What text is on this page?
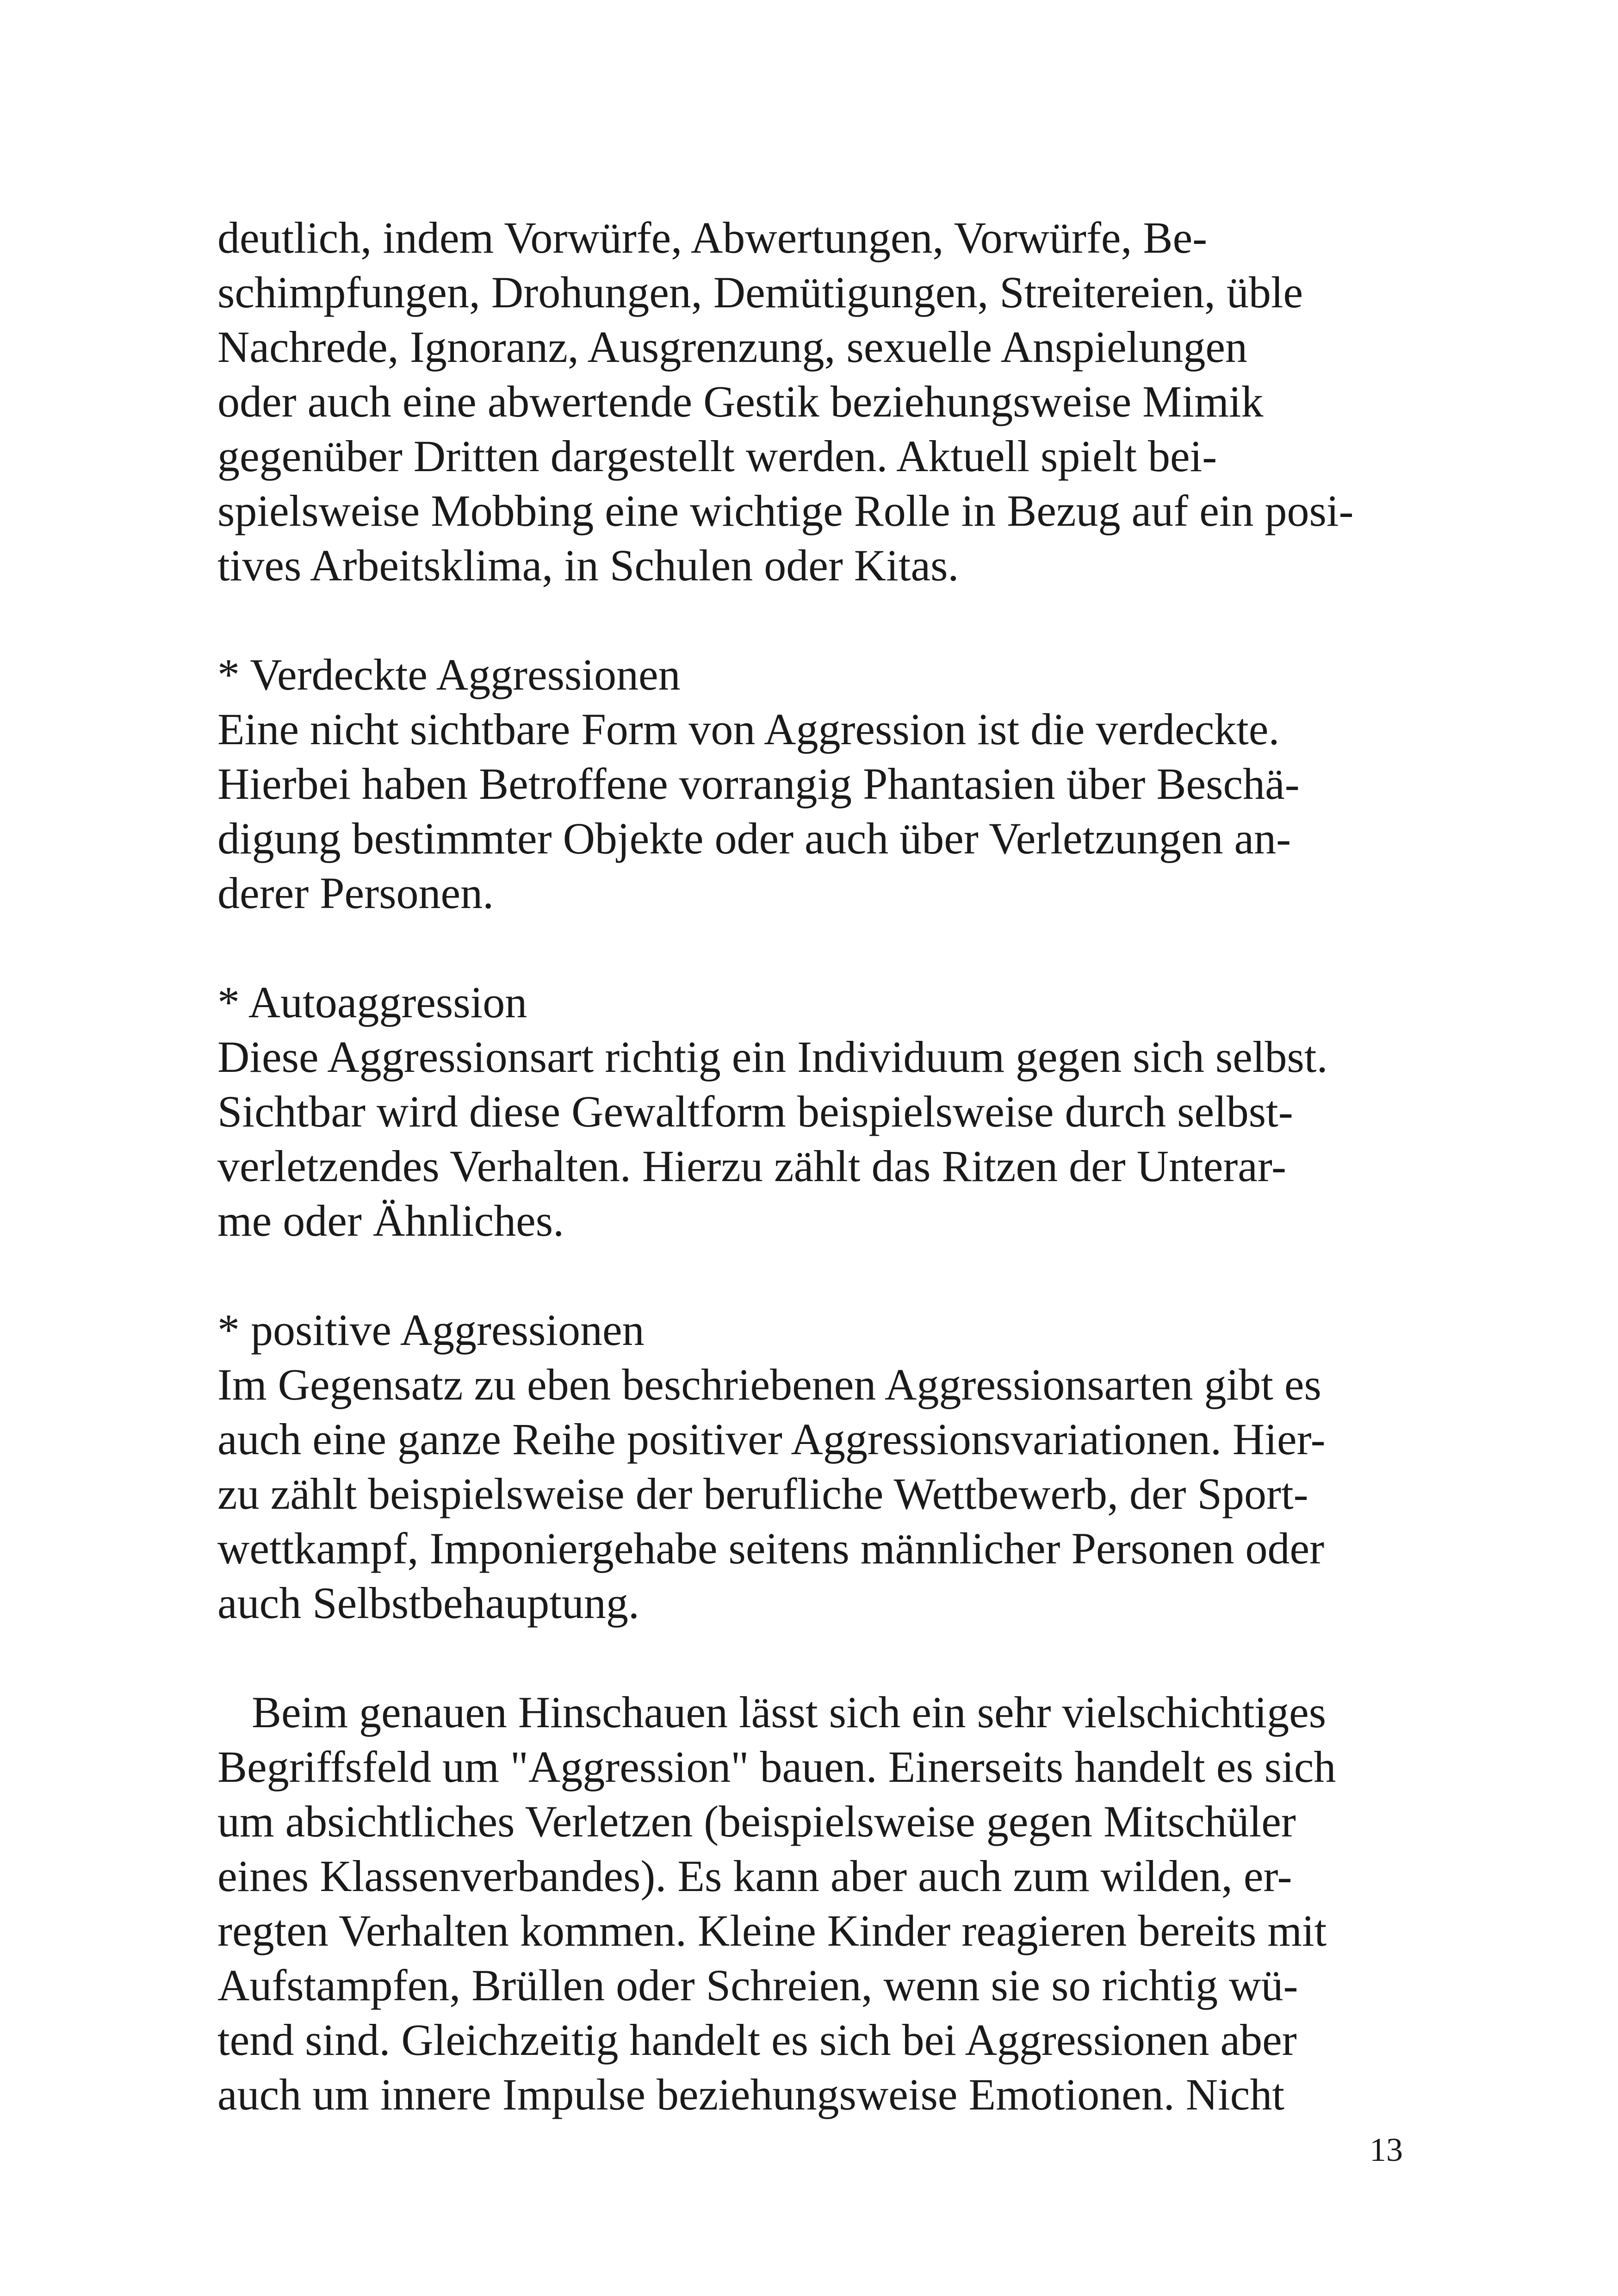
deutlich, indem Vorwürfe, Abwertungen, Vorwürfe, Be-
schimpfungen, Drohungen, Demütigungen, Streitereien, üble
Nachrede, Ignoranz, Ausgrenzung, sexuelle Anspielungen
oder auch eine abwertende Gestik beziehungsweise Mimik
gegenüber Dritten dargestellt werden. Aktuell spielt bei-
spielsweise Mobbing eine wichtige Rolle in Bezug auf ein posi-
tives Arbeitsklima, in Schulen oder Kitas.
* Verdeckte Aggressionen
Eine nicht sichtbare Form von Aggression ist die verdeckte.
Hierbei haben Betroffene vorrangig Phantasien über Beschä-
digung bestimmter Objekte oder auch über Verletzungen an-
derer Personen.
* Autoaggression
Diese Aggressionsart richtig ein Individuum gegen sich selbst.
Sichtbar wird diese Gewaltform beispielsweise durch selbst-
verletzendes Verhalten. Hierzu zählt das Ritzen der Unterar-
me oder Ähnliches.
* positive Aggressionen
Im Gegensatz zu eben beschriebenen Aggressionsarten gibt es
auch eine ganze Reihe positiver Aggressionsvariationen. Hier-
zu zählt beispielsweise der berufliche Wettbewerb, der Sport-
wettkampf, Imponiergehabe seitens männlicher Personen oder
auch Selbstbehauptung.
Beim genauen Hinschauen lässt sich ein sehr vielschichtiges
Begriffsfeld um "Aggression" bauen. Einerseits handelt es sich
um absichtliches Verletzen (beispielsweise gegen Mitschüler
eines Klassenverbandes). Es kann aber auch zum wilden, er-
regten Verhalten kommen. Kleine Kinder reagieren bereits mit
Aufstampfen, Brüllen oder Schreien, wenn sie so richtig wü-
tend sind. Gleichzeitig handelt es sich bei Aggressionen aber
auch um innere Impulse beziehungsweise Emotionen. Nicht
13
